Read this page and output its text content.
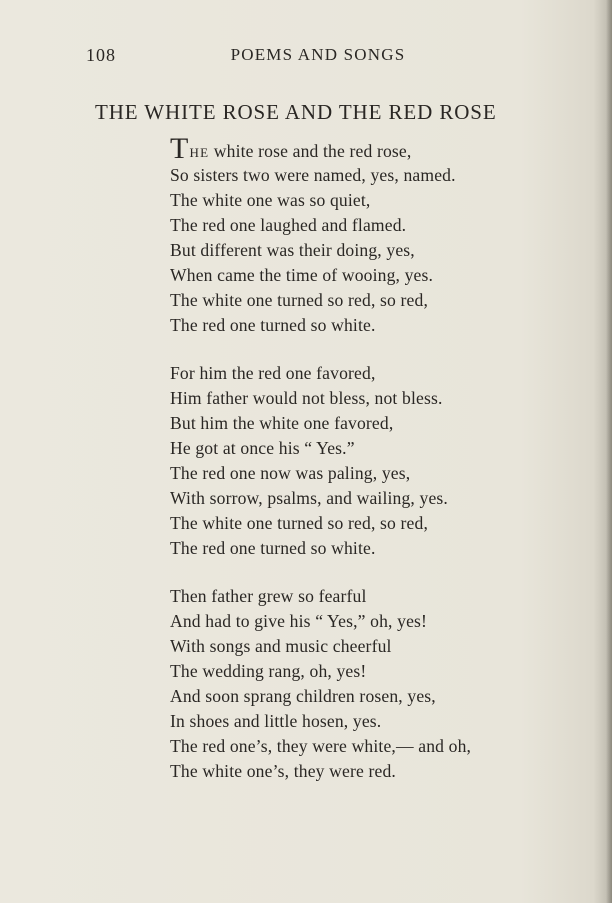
108	POEMS AND SONGS
THE WHITE ROSE AND THE RED ROSE
THE white rose and the red rose,
So sisters two were named, yes, named.
The white one was so quiet,
The red one laughed and flamed.
But different was their doing, yes,
When came the time of wooing, yes.
The white one turned so red, so red,
The red one turned so white.
For him the red one favored,
Him father would not bless, not bless.
But him the white one favored,
He got at once his “ Yes.”
The red one now was paling, yes,
With sorrow, psalms, and wailing, yes.
The white one turned so red, so red,
The red one turned so white.
Then father grew so fearful
And had to give his “ Yes,” oh, yes!
With songs and music cheerful
The wedding rang, oh, yes!
And soon sprang children rosen, yes,
In shoes and little hosen, yes.
The red one’s, they were white,— and oh,
The white one’s, they were red.
